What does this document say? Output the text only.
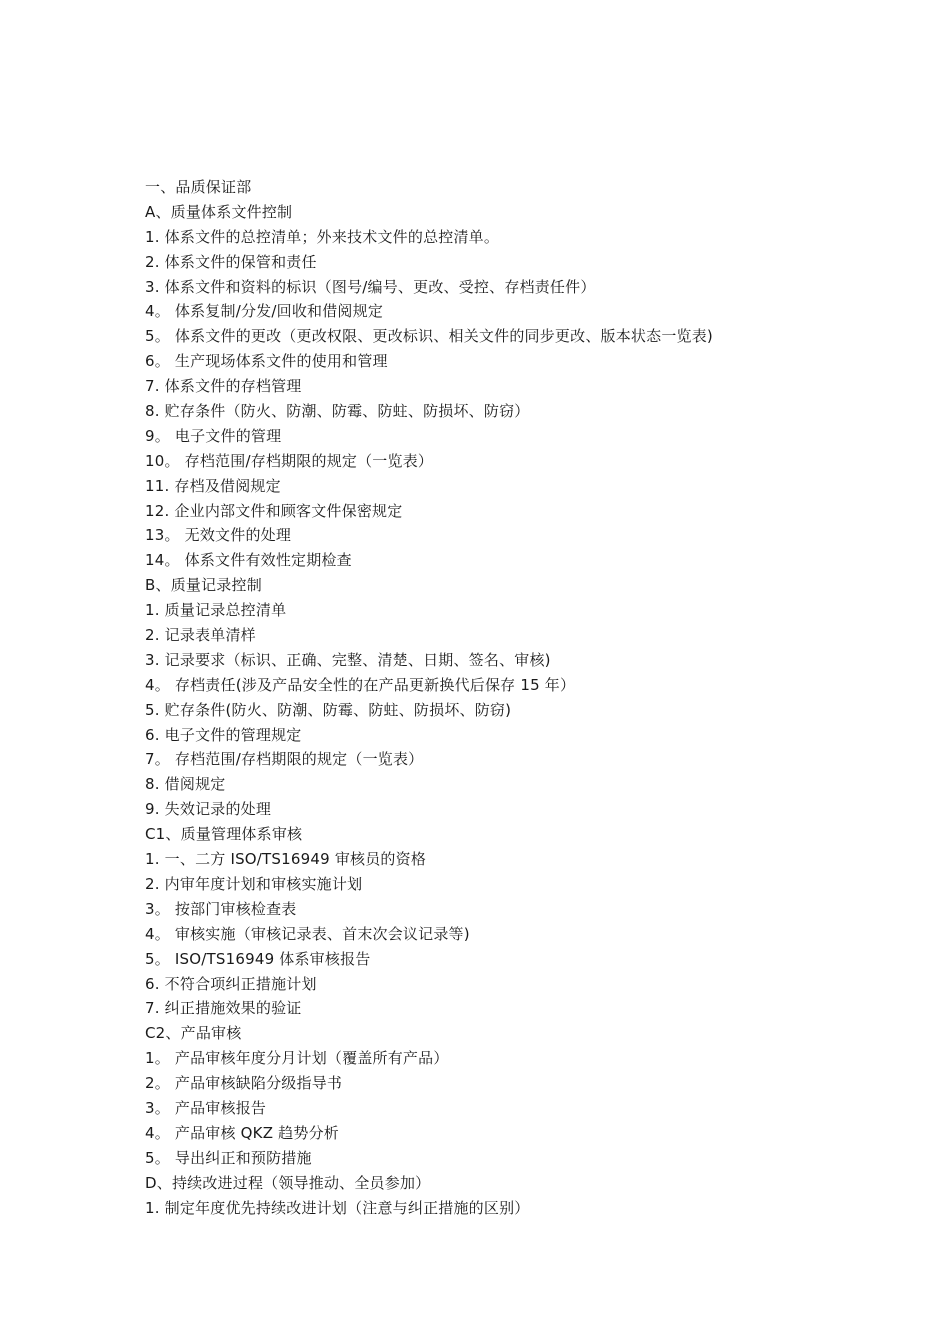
一、品质保证部
A、质量体系文件控制
1. 体系文件的总控清单；外来技术文件的总控清单。
2. 体系文件的保管和责任
3. 体系文件和资料的标识（图号/编号、更改、受控、存档责任件）
4。 体系复制/分发/回收和借阅规定
5。 体系文件的更改（更改权限、更改标识、相关文件的同步更改、版本状态一览表)
6。 生产现场体系文件的使用和管理
7. 体系文件的存档管理
8. 贮存条件（防火、防潮、防霉、防蛀、防损坏、防窃）
9。 电子文件的管理
10。 存档范围/存档期限的规定（一览表）
11. 存档及借阅规定
12. 企业内部文件和顾客文件保密规定
13。 无效文件的处理
14。 体系文件有效性定期检查
B、质量记录控制
1. 质量记录总控清单
2. 记录表单清样
3. 记录要求（标识、正确、完整、清楚、日期、签名、审核)
4。 存档责任(涉及产品安全性的在产品更新换代后保存 15 年）
5. 贮存条件(防火、防潮、防霉、防蛀、防损坏、防窃)
6. 电子文件的管理规定
7。 存档范围/存档期限的规定（一览表）
8. 借阅规定
9. 失效记录的处理
C1、质量管理体系审核
1. 一、二方 ISO/TS16949 审核员的资格
2. 内审年度计划和审核实施计划
3。 按部门审核检查表
4。 审核实施（审核记录表、首末次会议记录等)
5。 ISO/TS16949 体系审核报告
6. 不符合项纠正措施计划
7. 纠正措施效果的验证
C2、产品审核
1。 产品审核年度分月计划（覆盖所有产品）
2。 产品审核缺陷分级指导书
3。 产品审核报告
4。 产品审核 QKZ 趋势分析
5。 导出纠正和预防措施
D、持续改进过程（领导推动、全员参加）
1. 制定年度优先持续改进计划（注意与纠正措施的区别）
